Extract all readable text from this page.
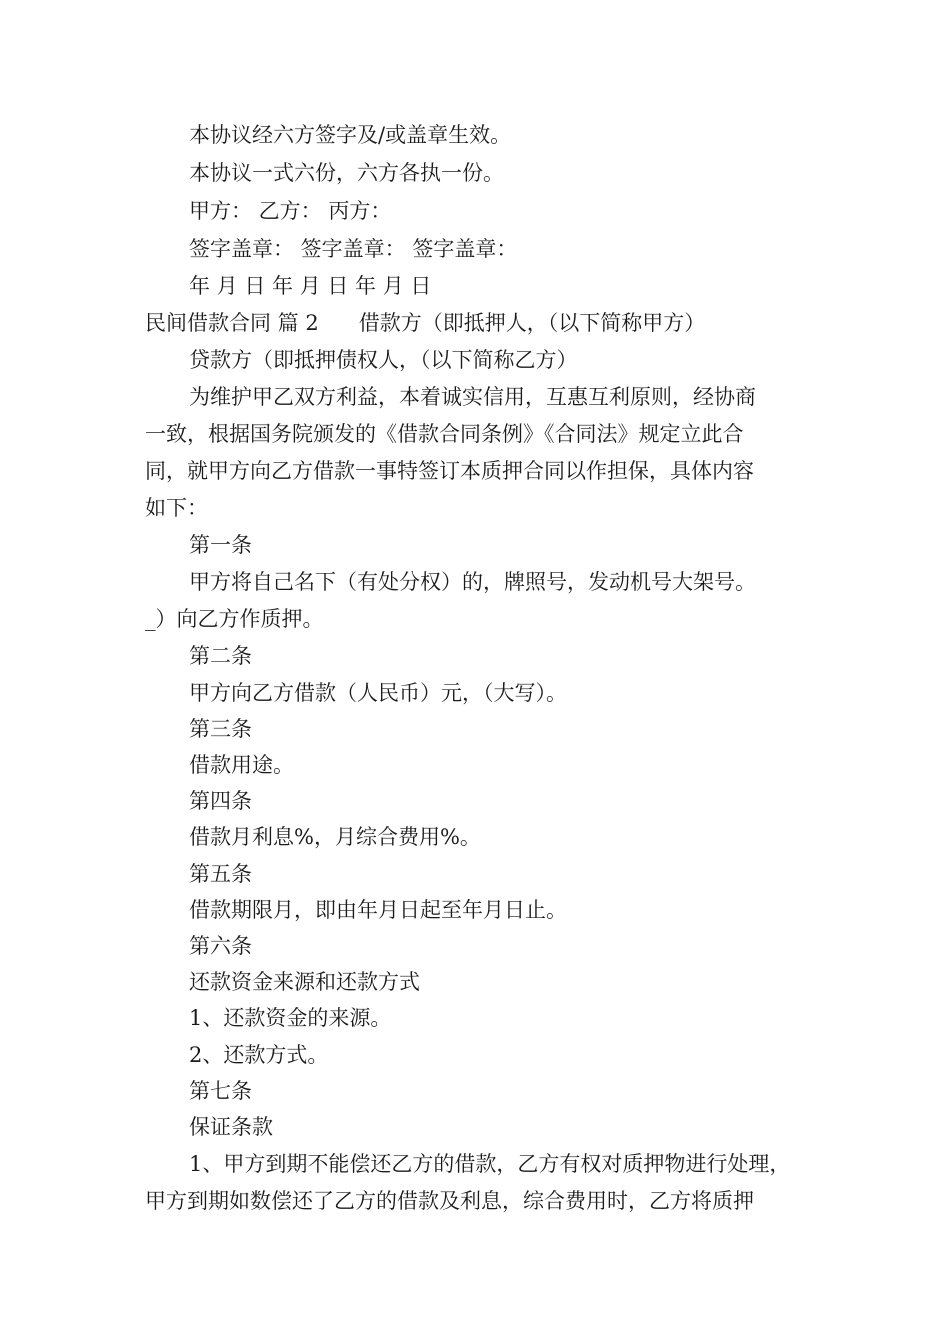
本协议经六方签字及/或盖章生效。
本协议一式六份，六方各执一份。
甲方： 乙方： 丙方：
签字盖章： 签字盖章： 签字盖章：
年 月 日 年 月 日 年 月 日
民间借款合同 篇 2 借款方（即抵押人，（以下简称甲方）
贷款方（即抵押债权人，（以下简称乙方）
为维护甲乙双方利益，本着诚实信用，互惠互利原则，经协商
一致，根据国务院颁发的《借款合同条例》《合同法》规定立此合
同，就甲方向乙方借款一事特签订本质押合同以作担保，具体内容
如下：
第一条
甲方将自己名下（有处分权）的，牌照号，发动机号大架号。
_）向乙方作质押。
第二条
甲方向乙方借款（人民币）元，（大写）。
第三条
借款用途。
第四条
借款月利息%，月综合费用%。
第五条
借款期限月，即由年月日起至年月日止。
第六条
还款资金来源和还款方式
1、还款资金的来源。
2、还款方式。
第七条
保证条款
1、甲方到期不能偿还乙方的借款，乙方有权对质押物进行处理，
甲方到期如数偿还了乙方的借款及利息，综合费用时，乙方将质押
